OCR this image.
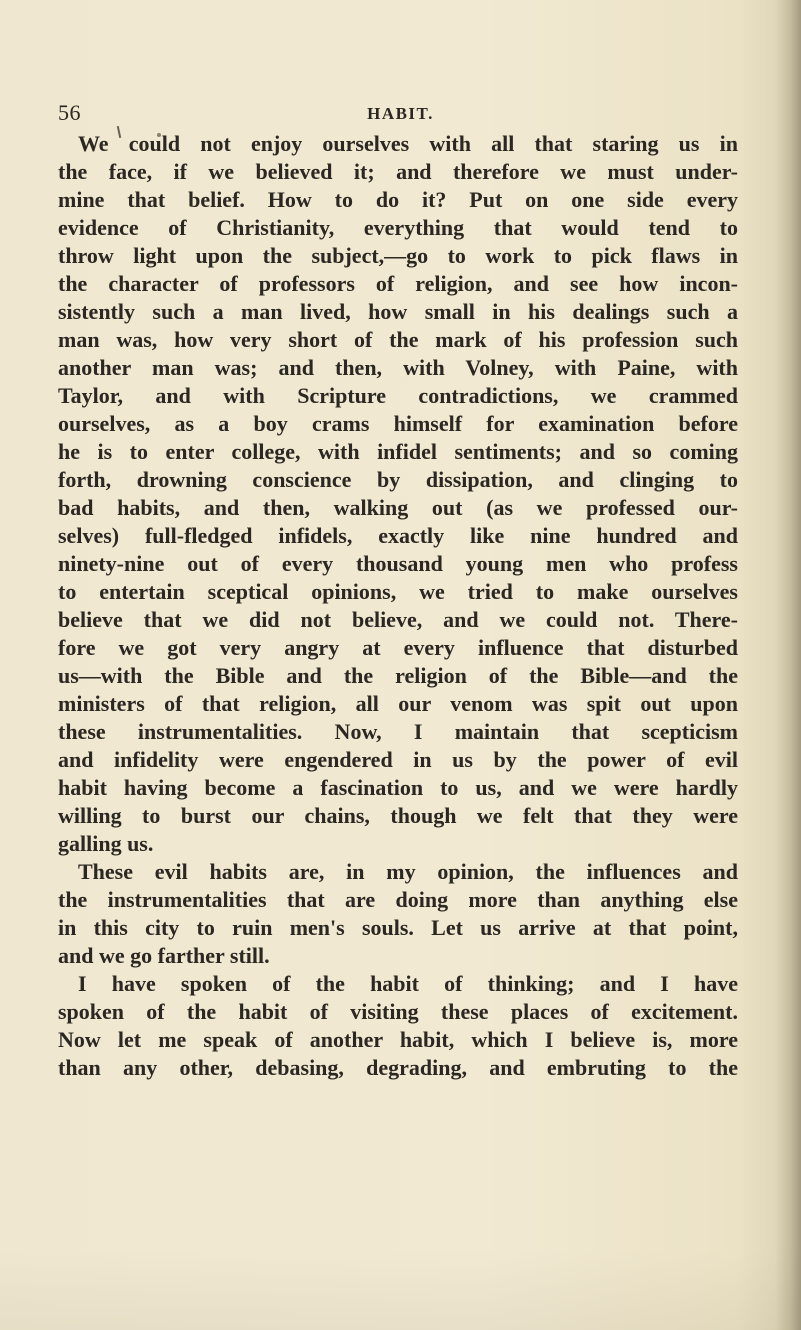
56	HABIT.
We could not enjoy ourselves with all that staring us in
the face, if we believed it; and therefore we must under-
mine that belief. How to do it? Put on one side every
evidence of Christianity, everything that would tend to
throw light upon the subject,—go to work to pick flaws in
the character of professors of religion, and see how incon-
sistently such a man lived, how small in his dealings such a
man was, how very short of the mark of his profession such
another man was; and then, with Volney, with Paine, with
Taylor, and with Scripture contradictions, we crammed
ourselves, as a boy crams himself for examination before
he is to enter college, with infidel sentiments; and so coming
forth, drowning conscience by dissipation, and clinging to
bad habits, and then, walking out (as we professed our-
selves) full-fledged infidels, exactly like nine hundred and
ninety-nine out of every thousand young men who profess
to entertain sceptical opinions, we tried to make ourselves
believe that we did not believe, and we could not. There-
fore we got very angry at every influence that disturbed
us—with the Bible and the religion of the Bible—and the
ministers of that religion, all our venom was spit out upon
these instrumentalities. Now, I maintain that scepticism
and infidelity were engendered in us by the power of evil
habit having become a fascination to us, and we were hardly
willing to burst our chains, though we felt that they were
galling us.
These evil habits are, in my opinion, the influences and
the instrumentalities that are doing more than anything else
in this city to ruin men's souls. Let us arrive at that point,
and we go farther still.
I have spoken of the habit of thinking; and I have
spoken of the habit of visiting these places of excitement.
Now let me speak of another habit, which I believe is, more
than any other, debasing, degrading, and embruting to the
